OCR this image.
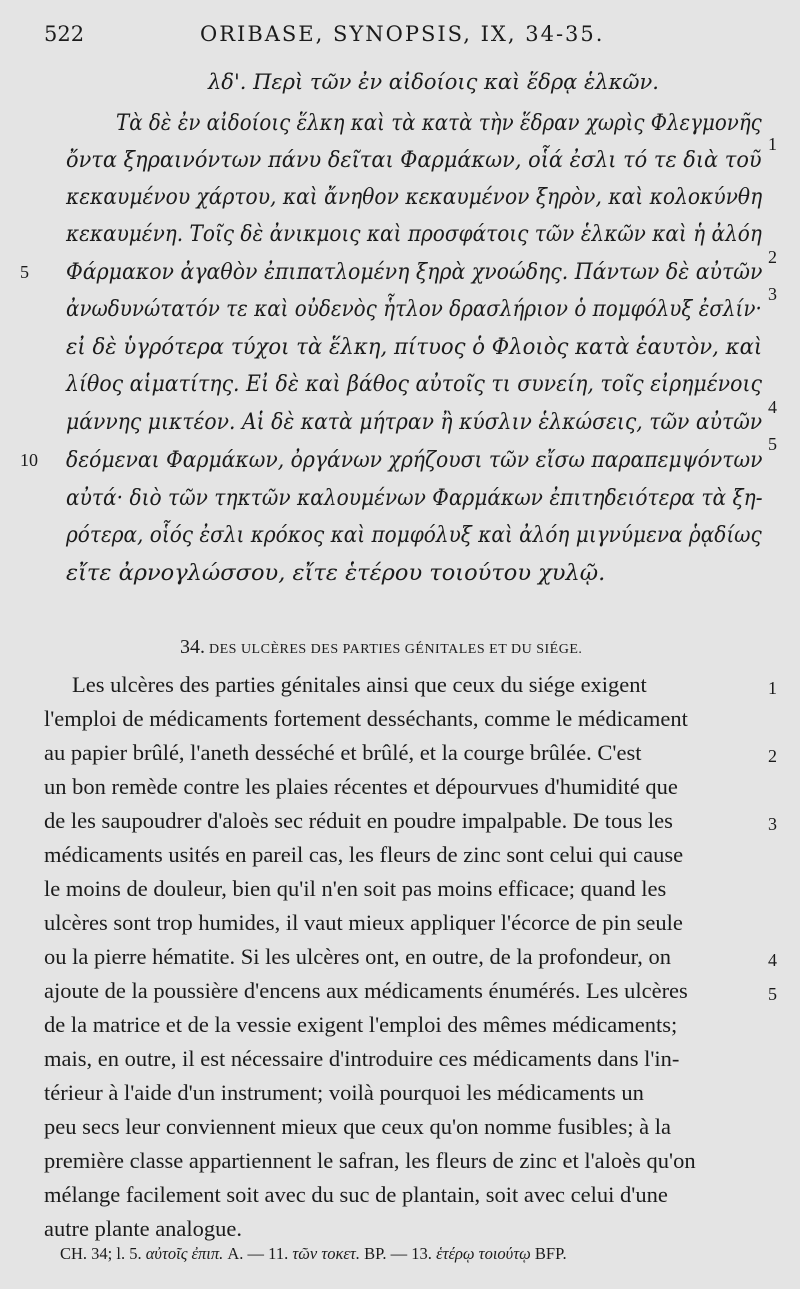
522	ORIBASE, SYNOPSIS, IX, 34-35.
λδ'. Περὶ τῶν ἐν αἰδοίοις καὶ ἕδρᾳ ἑλκῶν.
Τὰ δὲ ἐν αἰδοίοις ἕλκη καὶ τὰ κατὰ τὴν ἕδραν χωρὶς Φλεγμονῆς
ὄντα ξηραινόντων πάνυ δεῖται Φαρμάκων, οἷά ἐσλι τό τε διὰ τοῦ
κεκαυμένου χάρτου, καὶ ἄνηθον κεκαυμένον ξηρὸν, καὶ κολοκύνθη
κεκαυμένη. Τοῖς δὲ ἀνικμοις καὶ προσφάτοις τῶν ἑλκῶν καὶ ἡ ἀλόη
Φάρμακον ἀγαθὸν ἐπιπατλομένη ξηρὰ χνοώδης. Πάντων δὲ αὐτῶν
ἀνωδυνώτατόν τε καὶ οὐδενὸς ἧτλον δρασλήριον ὁ πομφόλυξ ἐσλίν·
εἰ δὲ ὑγρότερα τύχοι τὰ ἕλκη, πίτυος ὁ Φλοιὸς κατὰ ἑαυτὸν, καὶ
λίθος αἱματίτης. Εἰ δὲ καὶ βάθος αὐτοῖς τι συνείη, τοῖς εἰρημένοις
μάννης μικτέον. Αἱ δὲ κατὰ μήτραν ἢ κύσλιν ἑλκώσεις, τῶν αὐτῶν
δεόμεναι Φαρμάκων, ὀργάνων χρήζουσι τῶν εἴσω παραπεμψόντων
αὐτά· διὸ τῶν τηκτῶν καλουμένων Φαρμάκων ἐπιτηδειότερα τὰ ξη-
ρότερα, οἷός ἐσλι κρόκος καὶ πομφόλυξ καὶ ἀλόη μιγνύμενα ῥᾳδίως
εἴτε ἀρνογλώσσου, εἴτε ἑτέρου τοιούτου χυλῷ.
5
10
1
2
3
4
5
34. DES ULCÈRES DES PARTIES GÉNITALES ET DU SIÉGE.
Les ulcères des parties génitales ainsi que ceux du siége exigent
l'emploi de médicaments fortement desséchants, comme le médicament
au papier brûlé, l'aneth desséché et brûlé, et la courge brûlée. C'est
un bon remède contre les plaies récentes et dépourvues d'humidité que
de les saupoudrer d'aloès sec réduit en poudre impalpable. De tous les
médicaments usités en pareil cas, les fleurs de zinc sont celui qui cause
le moins de douleur, bien qu'il n'en soit pas moins efficace; quand les
ulcères sont trop humides, il vaut mieux appliquer l'écorce de pin seule
ou la pierre hématite. Si les ulcères ont, en outre, de la profondeur, on
ajoute de la poussière d'encens aux médicaments énumérés. Les ulcères
de la matrice et de la vessie exigent l'emploi des mêmes médicaments;
mais, en outre, il est nécessaire d'introduire ces médicaments dans l'in-
térieur à l'aide d'un instrument; voilà pourquoi les médicaments un
peu secs leur conviennent mieux que ceux qu'on nomme fusibles; à la
première classe appartiennent le safran, les fleurs de zinc et l'aloès qu'on
mélange facilement soit avec du suc de plantain, soit avec celui d'une
autre plante analogue.
1
2
3
4
5
CH. 34; l. 5. αὐτοῖς ἐπιπ. A. — 11. τῶν τοκετ. BP. — 13. ἑτέρῳ τοιούτῳ BFP.
